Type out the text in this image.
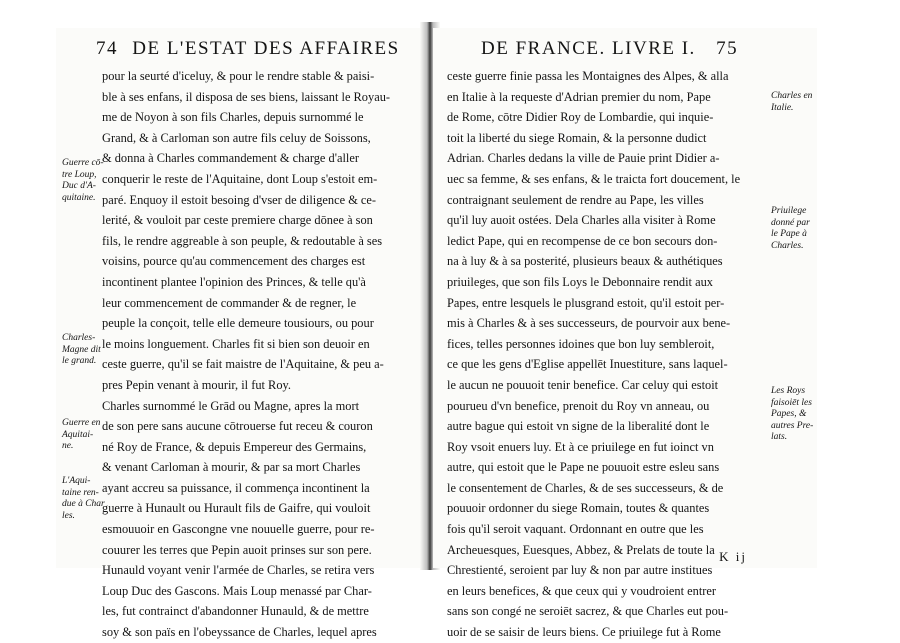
74 DE L'ESTAT DES AFFAIRES
pour la seurté d'iceluy, & pour le rendre stable & paisi-
ble à ses enfans, il disposa de ses biens, laissant le Royau-
me de Noyon à son fils Charles, depuis surnommé le
Grand, & à Carloman son autre fils celuy de Soissons,
& donna à Charles commandement & charge d'aller
conquerir le reste de l'Aquitaine, dont Loup s'estoit em-
paré. Enquoy il estoit besoing d'vser de diligence & ce-
lerité, & vouloit par ceste premiere charge dōnee à son
fils, le rendre aggreable à son peuple, & redoutable à ses
voisins, pource qu'au commencement des charges est
incontinent plantee l'opinion des Princes, & telle qu'à
leur commencement de commander & de regner, le
peuple la conçoit, telle elle demeure tousiours, ou pour
le moins longuement. Charles fit si bien son deuoir en
ceste guerre, qu'il se fait maistre de l'Aquitaine, & peu a-
pres Pepin venant à mourir, il fut Roy.
Charles surnommé le Grād ou Magne, apres la mort
de son pere sans aucune cōtrouerse fut receu & couron
né Roy de France, & depuis Empereur des Germains,
& venant Carloman à mourir, & par sa mort Charles
ayant accreu sa puissance, il commença incontinent la
guerre à Hunault ou Hurault fils de Gaifre, qui vouloit
esmouuoir en Gascongne vne nouuelle guerre, pour re-
couurer les terres que Pepin auoit prinses sur son pere.
Hunauld voyant venir l'armée de Charles, se retira vers
Loup Duc des Gascons. Mais Loup menassé par Char-
les, fut contrainct d'abandonner Hunauld, & de mettre
soy & son païs en l'obeyssance de Charles, lequel apres
Guerre cō-
tre Loup,
Duc d'A-
quitaine.
Charles-
Magne dit
le grand.
Guerre en
Aquitai-
ne.
L'Aqui-
taine ren-
due à Char
les.
DE FRANCE. LIVRE I. 75
ceste guerre finie passa les Montaignes des Alpes, & alla
en Italie à la requeste d'Adrian premier du nom, Pape
de Rome, cōtre Didier Roy de Lombardie, qui inquie-
toit la liberté du siege Romain, & la personne dudict
Adrian. Charles dedans la ville de Pauie print Didier a-
uec sa femme, & ses enfans, & le traicta fort doucement, le
contraignant seulement de rendre au Pape, les villes
qu'il luy auoit ostées. Dela Charles alla visiter à Rome
ledict Pape, qui en recompense de ce bon secours don-
na à luy & à sa posterité, plusieurs beaux & authétiques
priuileges, que son fils Loys le Debonnaire rendit aux
Papes, entre lesquels le plusgrand estoit, qu'il estoit per-
mis à Charles & à ses successeurs, de pourvoir aux bene-
fices, telles personnes idoines que bon luy sembleroit,
ce que les gens d'Eglise appellēt Inuestiture, sans laquel-
le aucun ne pouuoit tenir benefice. Car celuy qui estoit
pourueu d'vn benefice, prenoit du Roy vn anneau, ou
autre bague qui estoit vn signe de la liberalité dont le
Roy vsoit enuers luy. Et à ce priuilege en fut ioinct vn
autre, qui estoit que le Pape ne pouuoit estre esleu sans
le consentement de Charles, & de ses successeurs, & de
pouuoir ordonner du siege Romain, toutes & quantes
fois qu'il seroit vaquant. Ordonnant en outre que les
Archeuesques, Euesques, Abbez, & Prelats de toute la
Chrestienté, seroient par luy & non par autre institues
en leurs benefices, & que ceux qui y voudroient entrer
sans son congé ne seroiēt sacrez, & que Charles eut pou-
uoir de se saisir de leurs biens. Ce priuilege fut à Rome
Charles en
Italie.
Priuilege
donné par
le Pape à
Charles.
Les Roys
faisoiēt les
Papes, &
autres Pre-
lats.
K ij
